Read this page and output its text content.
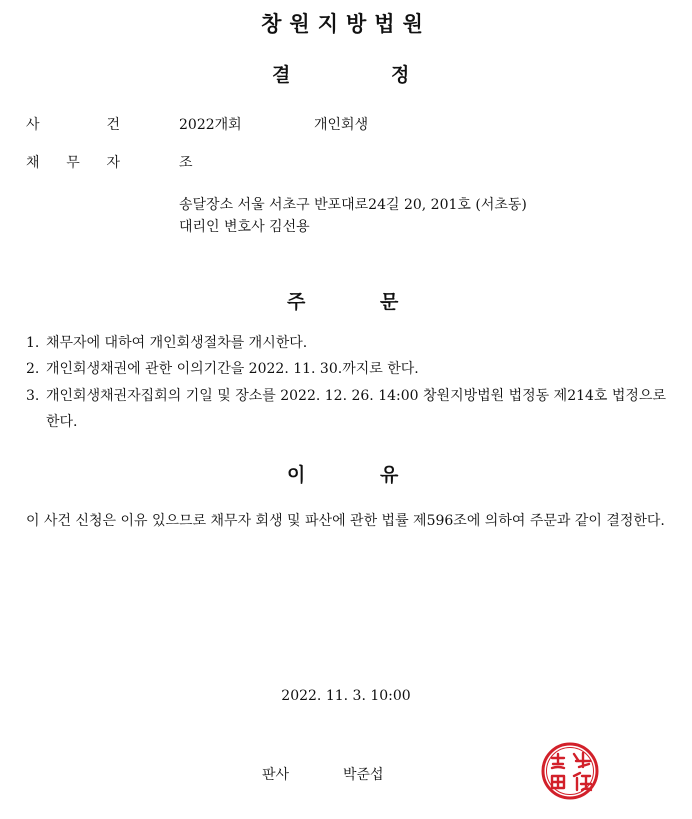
창원지방법원
결	정
사 건	2022개회	개인회생
채 무 자	조
송달장소 서울 서초구 반포대로24길 20, 201호 (서초동)
대리인 변호사 김선용
주	문
1. 채무자에 대하여 개인회생절차를 개시한다.
2. 개인회생채권에 관한 이의기간을 2022. 11. 30.까지로 한다.
3. 개인회생채권자집회의 기일 및 장소를 2022. 12. 26. 14:00 창원지방법원 법정동 제214호 법정으로 한다.
이	유
이 사건 신청은 이유 있으므로 채무자 회생 및 파산에 관한 법률 제596조에 의하여 주문과 같이 결정한다.
2022. 11. 3. 10:00
판사	박준섭
